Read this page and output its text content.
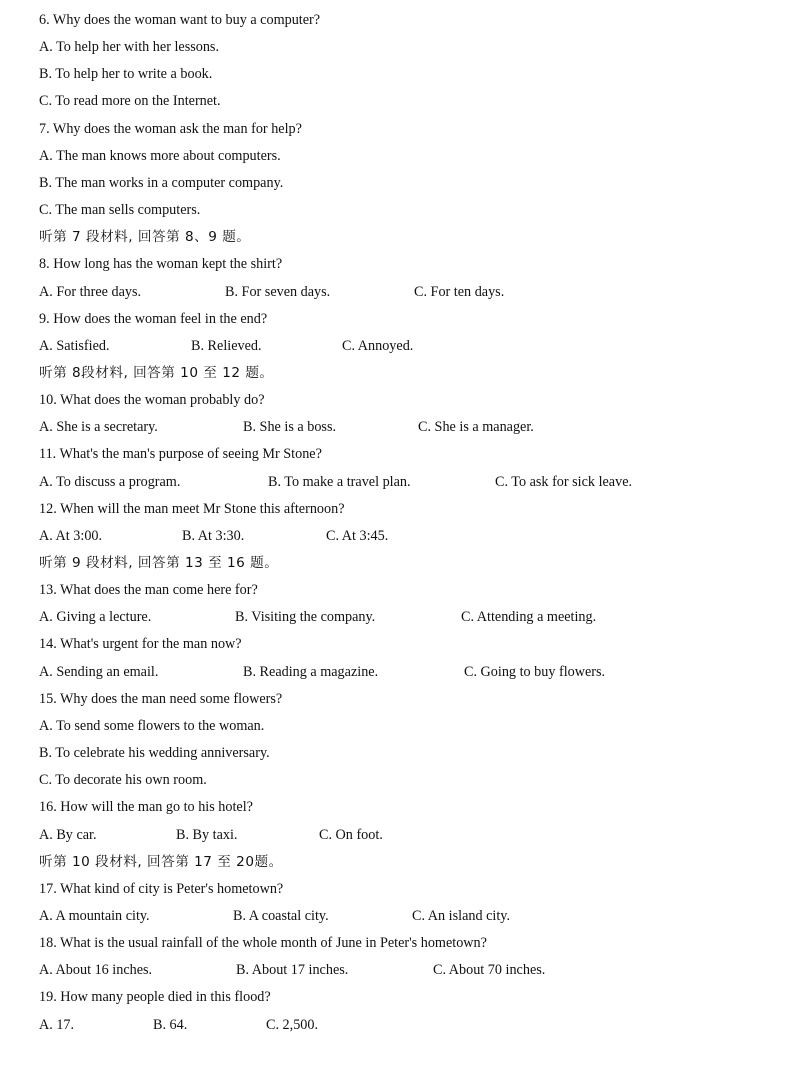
6. Why does the woman want to buy a computer?
A. To help her with her lessons.
B. To help her to write a book.
C. To read more on the Internet.
7. Why does the woman ask the man for help?
A. The man knows more about computers.
B. The man works in a computer company.
C. The man sells computers.
听第 7 段材料, 回答第 8、9 题。
8. How long has the woman kept the shirt?
A. For three days.	B. For seven days.	C. For ten days.
9. How does the woman feel in the end?
A. Satisfied.	B. Relieved.	C. Annoyed.
听第 8段材料, 回答第 10 至 12 题。
10. What does the woman probably do?
A. She is a secretary.	B. She is a boss.	C. She is a manager.
11. What's the man's purpose of seeing Mr Stone?
A. To discuss a program.	B. To make a travel plan.	C. To ask for sick leave.
12. When will the man meet Mr Stone this afternoon?
A. At 3:00.	B. At 3:30.	C. At 3:45.
听第 9 段材料, 回答第 13 至 16 题。
13. What does the man come here for?
A. Giving a lecture.	B. Visiting the company.	C. Attending a meeting.
14. What's urgent for the man now?
A. Sending an email.	B. Reading a magazine.	C. Going to buy flowers.
15. Why does the man need some flowers?
A. To send some flowers to the woman.
B. To celebrate his wedding anniversary.
C. To decorate his own room.
16. How will the man go to his hotel?
A. By car.	B. By taxi.	C. On foot.
听第 10 段材料, 回答第 17 至 20题。
17. What kind of city is Peter's hometown?
A. A mountain city.	B. A coastal city.	C. An island city.
18. What is the usual rainfall of the whole month of June in Peter's hometown?
A. About 16 inches.	B. About 17 inches.	C. About 70 inches.
19. How many people died in this flood?
A. 17.	B. 64.	C. 2,500.
